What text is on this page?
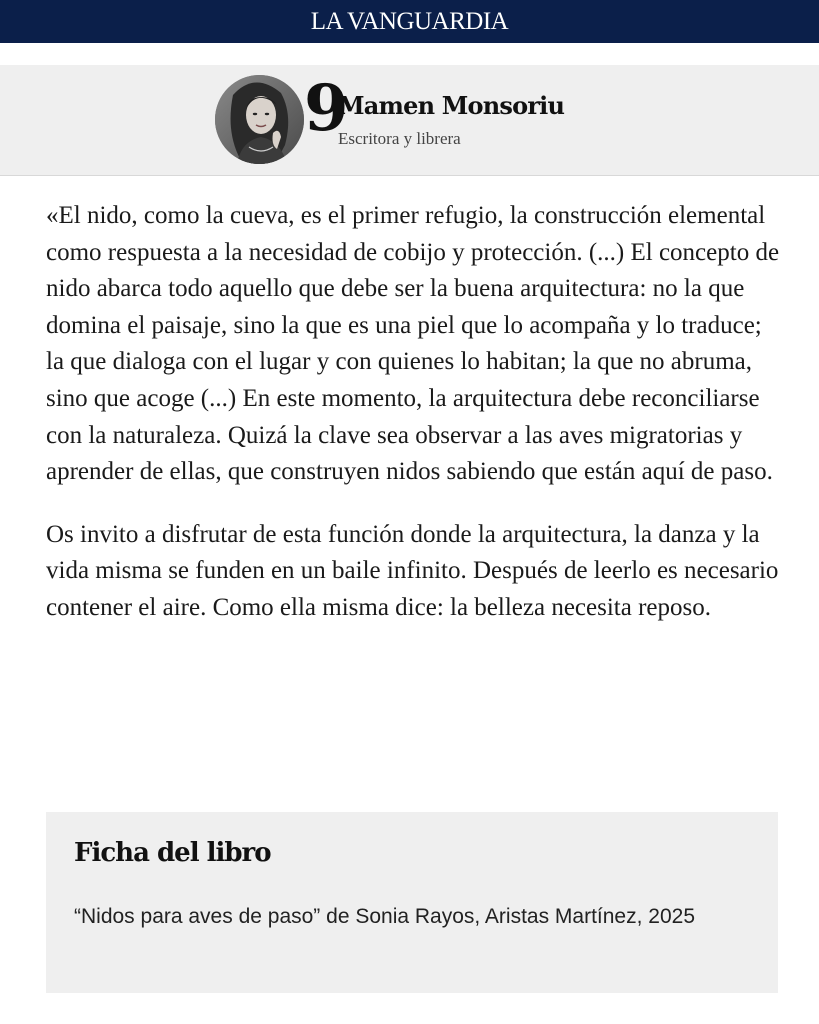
LA VANGUARDIA
9
Mamen Monsoriu
Escritora y librera

«El nido, como la cueva, es el primer refugio, la construcción elemental como respuesta a la necesidad de cobijo y protección. (...) El concepto de nido abarca todo aquello que debe ser la buena arquitectura: no la que domina el paisaje, sino la que es una piel que lo acompaña y lo traduce; la que dialoga con el lugar y con quienes lo habitan; la que no abruma, sino que acoge (...) En este momento, la arquitectura debe reconciliarse con la naturaleza. Quizá la clave sea observar a las aves migratorias y aprender de ellas, que construyen nidos sabiendo que están aquí de paso.

Os invito a disfrutar de esta función donde la arquitectura, la danza y la vida misma se funden en un baile infinito. Después de leerlo es necesario contener el aire. Como ella misma dice: la belleza necesita reposo.

Ficha del libro
“Nidos para aves de paso” de Sonia Rayos, Aristas Martínez, 2025
